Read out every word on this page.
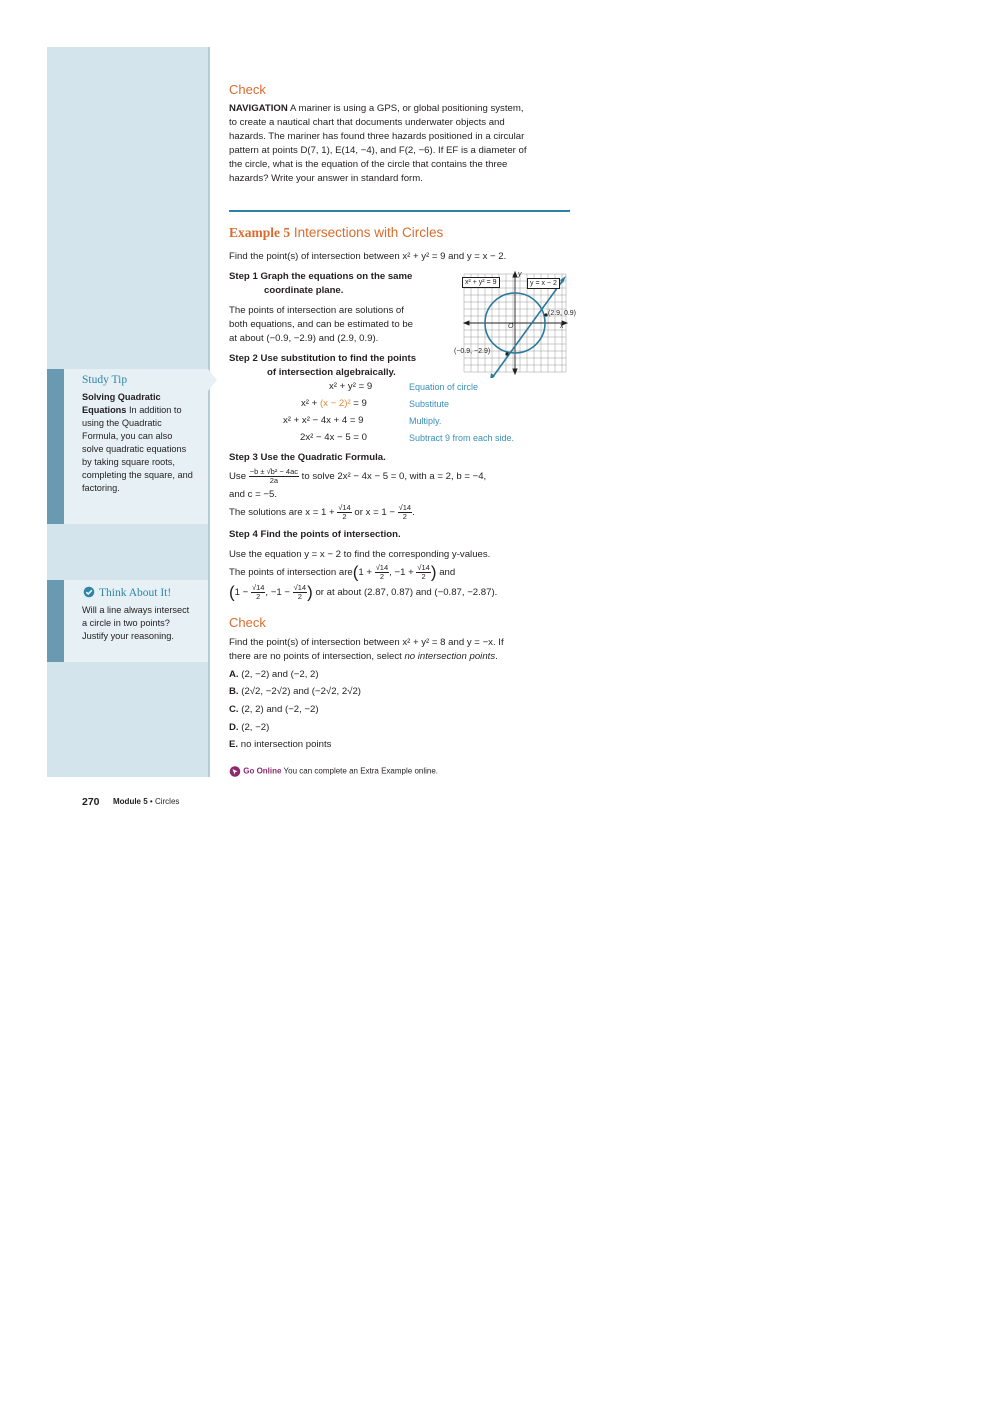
Study Tip
Solving Quadratic Equations In addition to using the Quadratic Formula, you can also solve quadratic equations by taking square roots, completing the square, and factoring.
Think About It!
Will a line always intersect a circle in two points? Justify your reasoning.
Check
NAVIGATION A mariner is using a GPS, or global positioning system,
to create a nautical chart that documents underwater objects and
hazards. The mariner has found three hazards positioned in a circular
pattern at points D(7, 1), E(14, −4), and F(2, −6). If EF is a diameter of
the circle, what is the equation of the circle that contains the three
hazards? Write your answer in standard form.
Example 5 Intersections with Circles
Find the point(s) of intersection between x² + y² = 9 and y = x − 2.
Step 1 Graph the equations on the same
coordinate plane.
The points of intersection are solutions of
both equations, and can be estimated to be
at about (−0.9, −2.9) and (2.9, 0.9).
x² + y² = 9	y = x − 2
y
x
O
(2.9, 0.9)
(−0.9, −2.9)
Step 2 Use substitution to find the points
of intersection algebraically.
x² + y² = 9	Equation of circle
x² + (x − 2)² = 9	Substitute
x² + x² − 4x + 4 = 9	Multiply.
2x² − 4x − 5 = 0	Subtract 9 from each side.
Step 3 Use the Quadratic Formula.
Use $\frac{\text{−b ± √b² − 4ac}}{2a}$ to solve 2x² − 4x − 5 = 0, with a = 2, b = −4,
and c = −5.
The solutions are $x = 1 + \frac{√14}{2}$ or $x = 1 - \frac{√14}{2}$ .
Step 4 Find the points of intersection.
Use the equation y = x − 2 to find the corresponding y-values.
The points of intersection $are(1 + \frac{√14}{2}$ , $-1 + \frac{√14}{2}$ ) and
($1 - \frac{√14}{2}$ , $-1 - \frac{√14}{2}$ ) or at about (2.87, 0.87) and (−0.87, −2.87).
Check
Find the point(s) of intersection between x² + y² = 8 and y = −x. If
there are no points of intersection, select no intersection points.
A. (2, −2) and (−2, 2)
B. (2√2, −2√2) and (−2√2, 2√2)
C. (2, 2) and (−2, −2)
D. (2, −2)
E. no intersection points
Go Online You can complete an Extra Example online.
270 Module 5 • Circles
